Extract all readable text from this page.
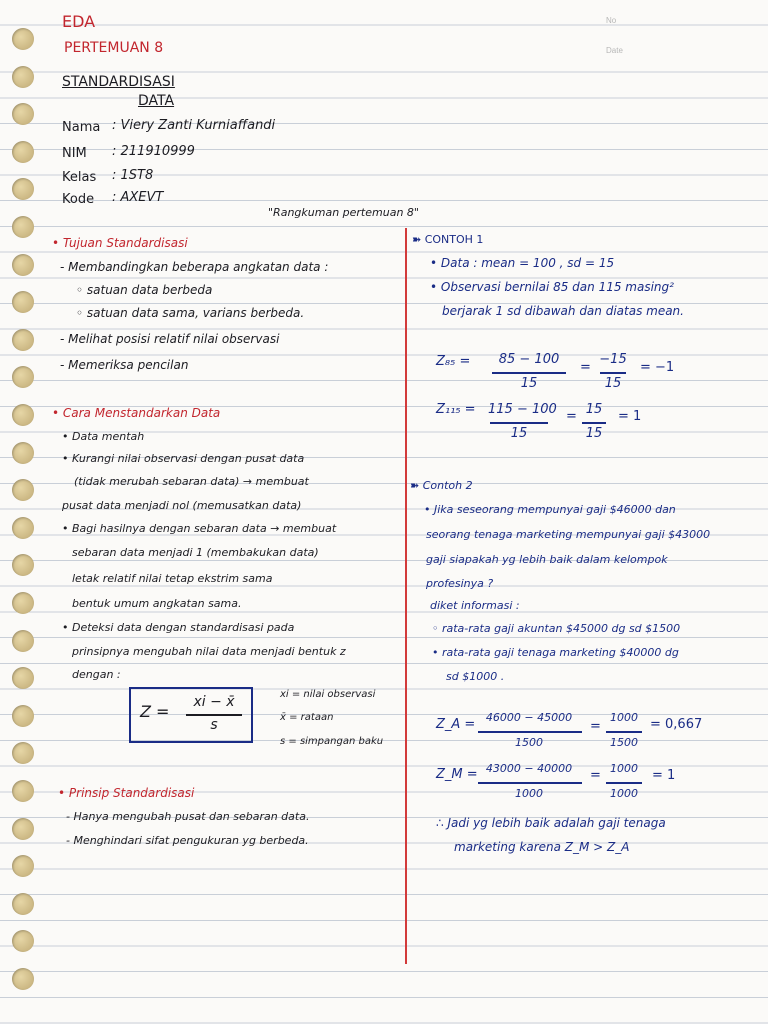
No
Date
EDA
PERTEMUAN 8
STANDARDISASI
DATA
Nama : Viery Zanti Kurniaffandi
NIM : 211910999
Kelas : 1ST8
Kode : AXEVT
"Rangkuman pertemuan 8"
• Tujuan Standardisasi
- Membandingkan beberapa angkatan data :
◦ satuan data berbeda
◦ satuan data sama, varians berbeda.
- Melihat posisi relatif nilai observasi
- Memeriksa pencilan
• Cara Menstandarkan Data
• Data mentah
• Kurangi nilai observasi dengan pusat data
(tidak merubah sebaran data) → membuat
pusat data menjadi nol (memusatkan data)
• Bagi hasilnya dengan sebaran data → membuat
sebaran data menjadi 1 (membakukan data)
letak relatif nilai tetap ekstrim sama
bentuk umum angkatan sama.
• Deteksi data dengan standardisasi pada
prinsipnya mengubah nilai data menjadi bentuk z
dengan :
Z =	xi − x̄
s
xi = nilai observasi
x̄ = rataan
s = simpangan baku
• Prinsip Standardisasi
- Hanya mengubah pusat dan sebaran data.
- Menghindari sifat pengukuran yg berbeda.
➽ CONTOH 1
• Data : mean = 100 , sd = 15
• Observasi bernilai 85 dan 115 masing²
berjarak 1 sd dibawah dan diatas mean.
Z₈₅ =	85 − 100
15
=
−15
15
= −1
Z₁₁₅ = 115 − 100
15
= 15
15
= 1
➽ Contoh 2
• Jika seseorang mempunyai gaji $46000 dan
seorang tenaga marketing mempunyai gaji $43000
gaji siapakah yg lebih baik dalam kelompok
profesinya ?
diket informasi :
◦ rata-rata gaji akuntan $45000 dg sd $1500
• rata-rata gaji tenaga marketing $40000 dg
sd $1000 .
Z_A = 46000 − 45000
1500
=
1000
1500
= 0,667
Z_M = 43000 − 40000
1000
= 1000
1000
= 1
∴ Jadi yg lebih baik adalah gaji tenaga
marketing karena Z_M > Z_A
